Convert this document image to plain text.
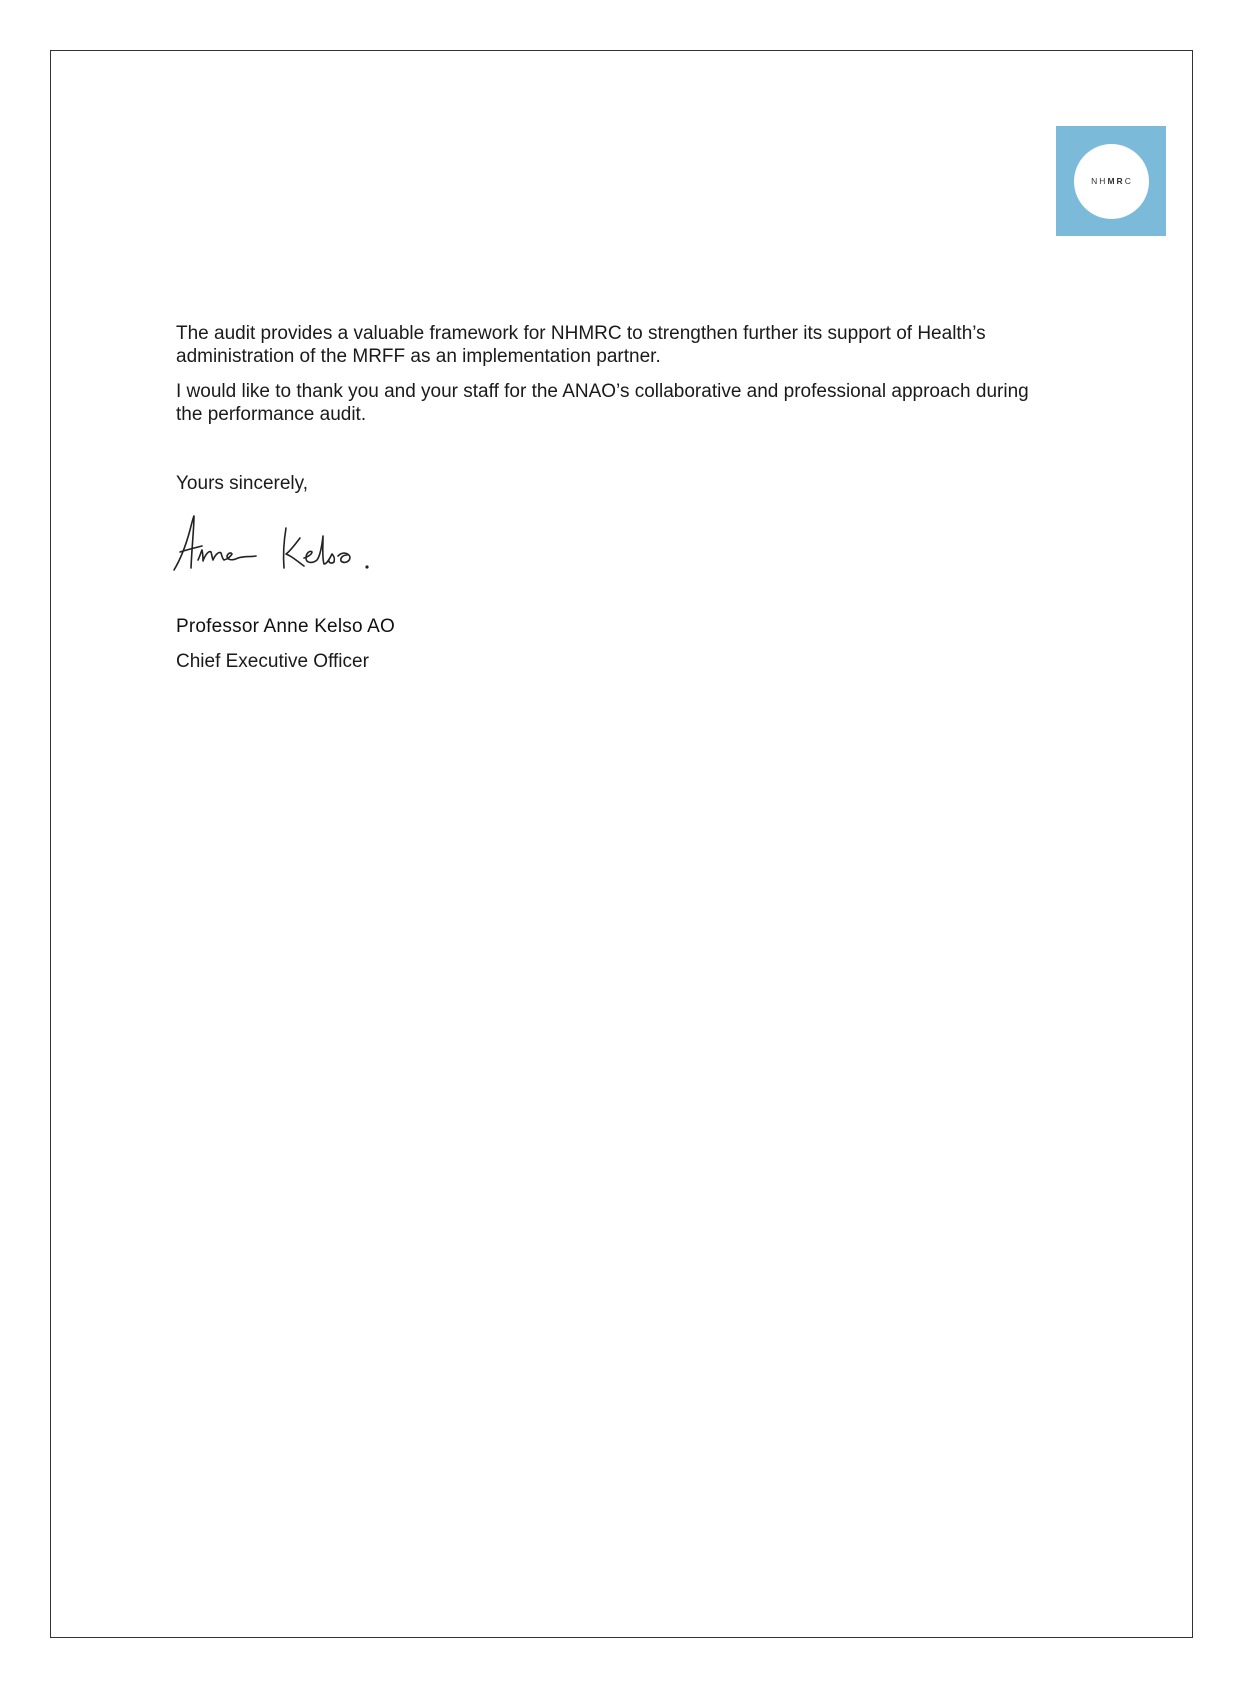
NHMRC

The audit provides a valuable framework for NHMRC to strengthen further its support of Health’s administration of the MRFF as an implementation partner.

I would like to thank you and your staff for the ANAO’s collaborative and professional approach during the performance audit.

Yours sincerely,
Professor Anne Kelso AO
Chief Executive Officer
